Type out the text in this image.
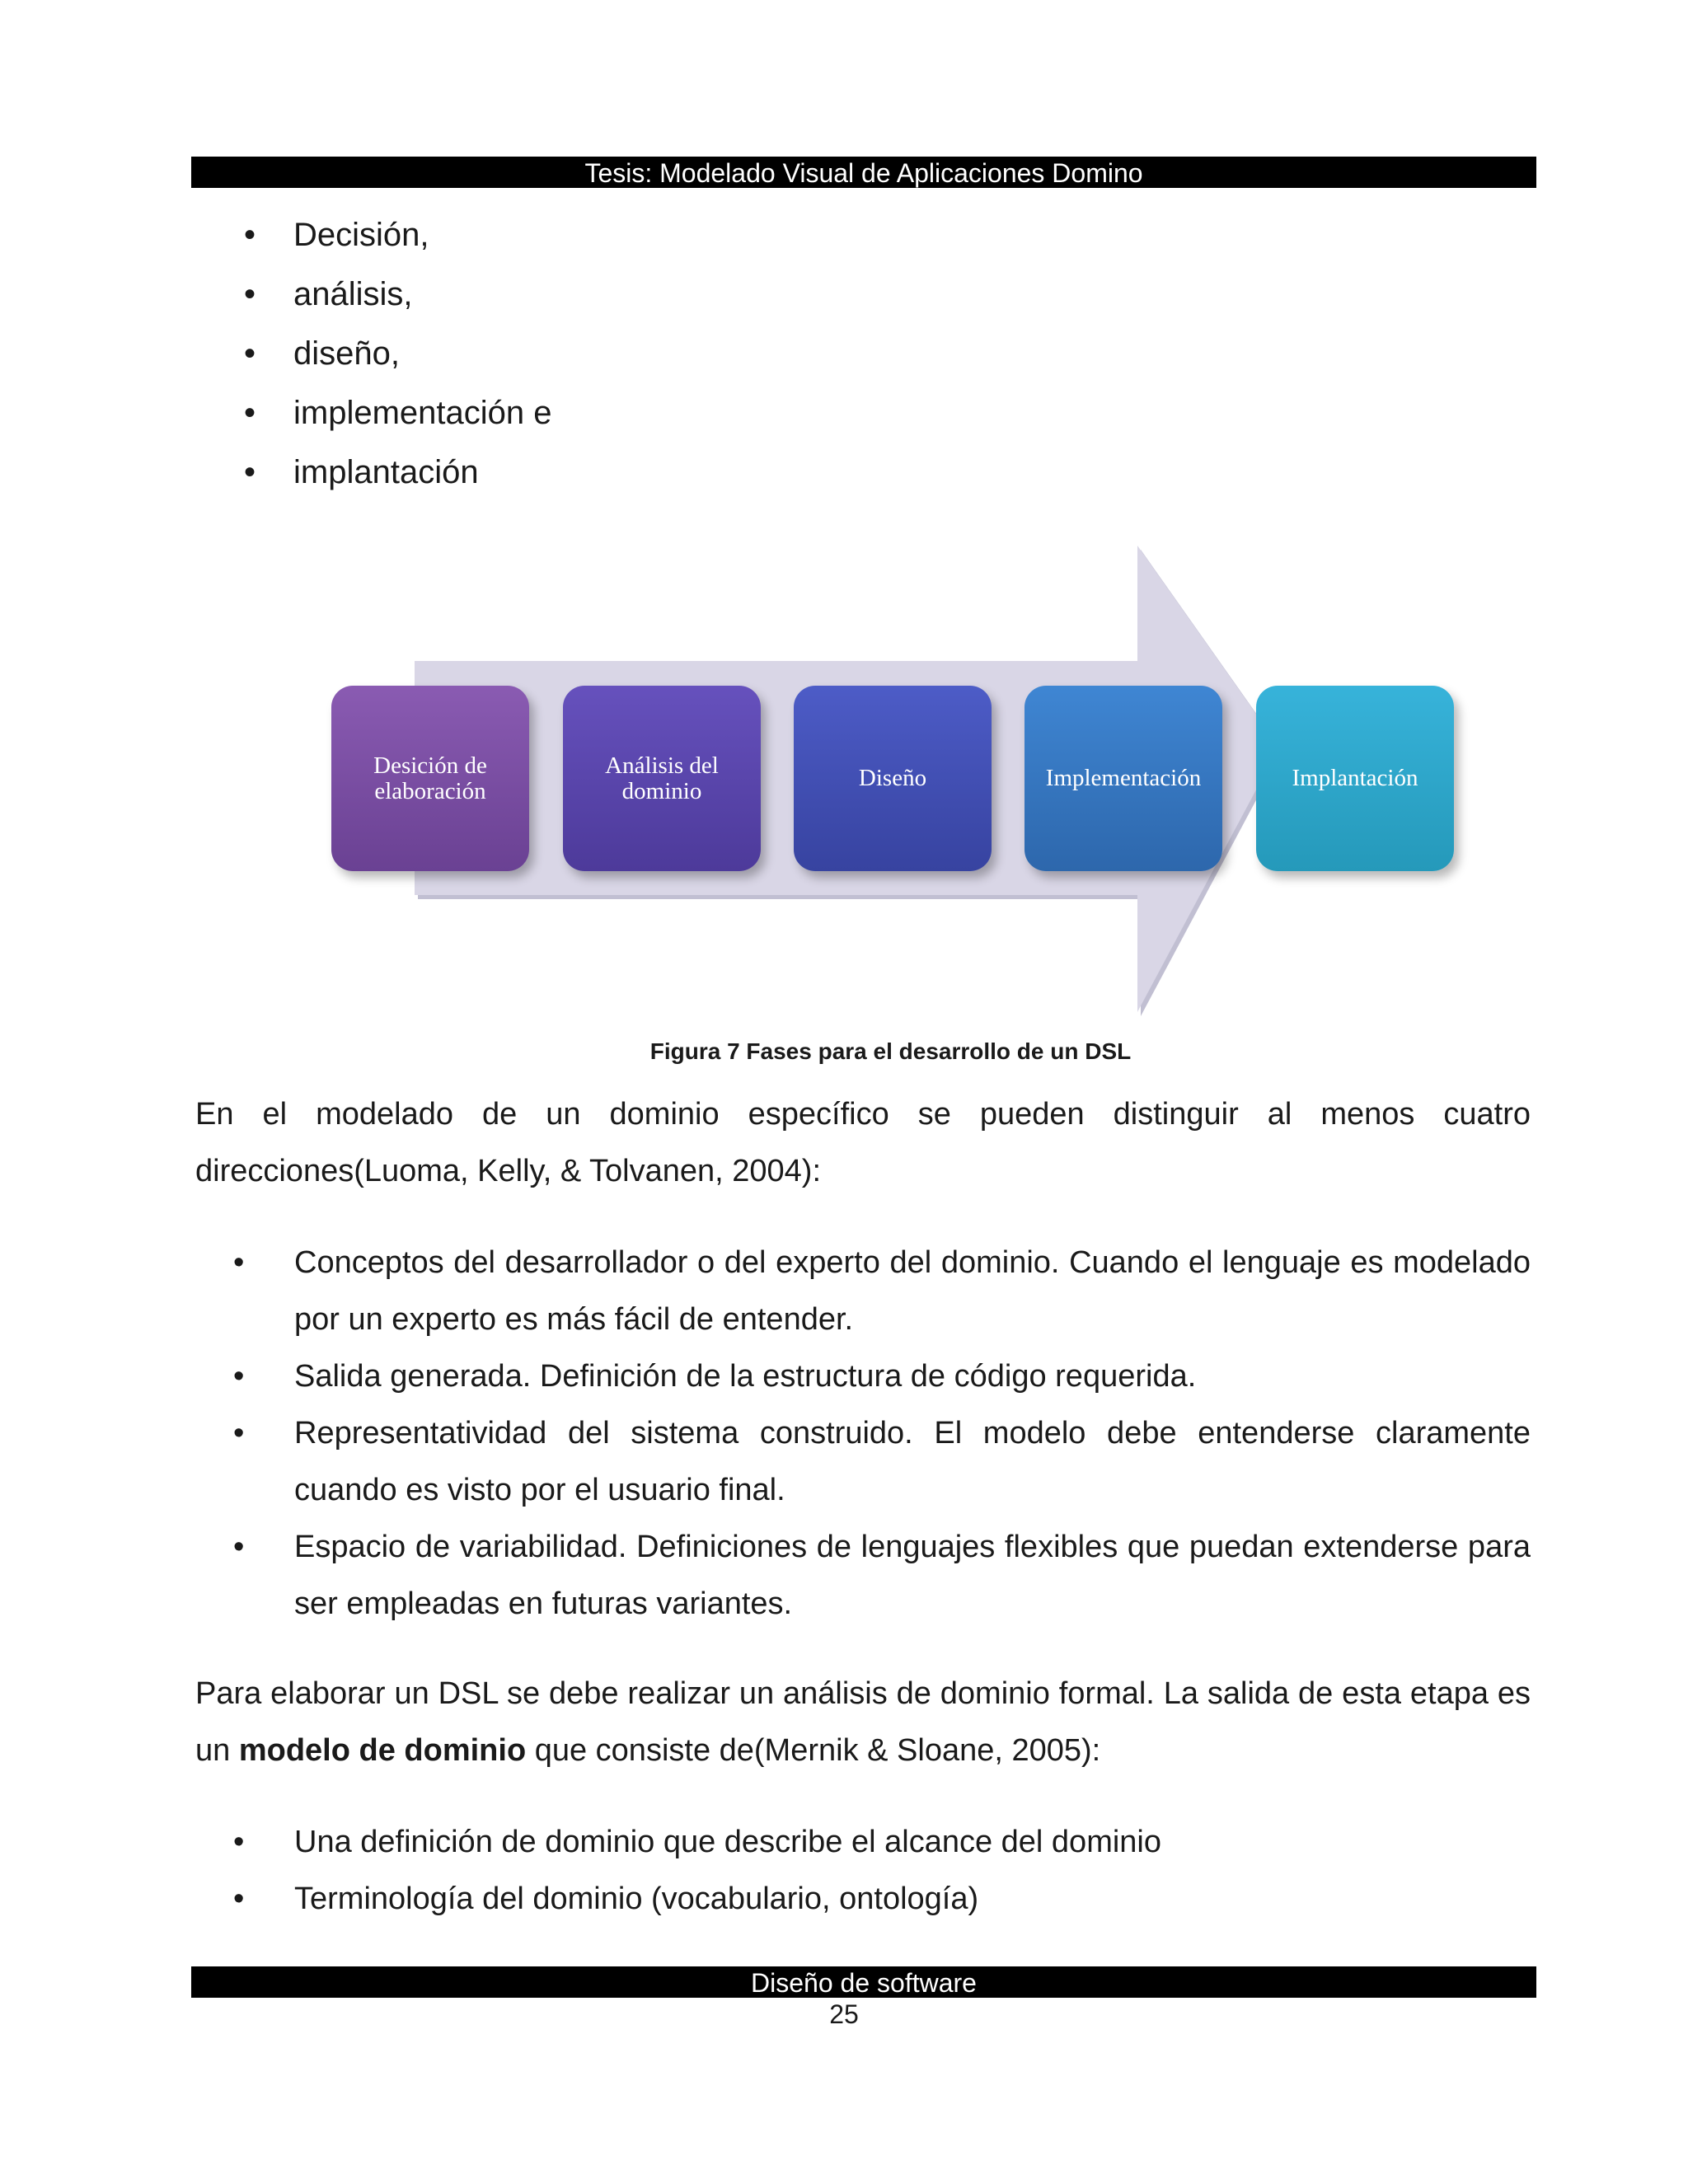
Tesis: Modelado Visual de Aplicaciones Domino
• Decisión,
• análisis,
• diseño,
• implementación e
• implantación
Desición de elaboración
Análisis del dominio	Diseño	Implementación	Implantación
Figura 7 Fases para el desarrollo de un DSL

En el modelado de un dominio específico se pueden distinguir al menos cuatro direcciones(Luoma, Kelly, & Tolvanen, 2004):

• Conceptos del desarrollador o del experto del dominio. Cuando el lenguaje es modelado por un experto es más fácil de entender.
• Salida generada. Definición de la estructura de código requerida.
• Representatividad del sistema construido. El modelo debe entenderse claramente cuando es visto por el usuario final.
• Espacio de variabilidad. Definiciones de lenguajes flexibles que puedan extenderse para ser empleadas en futuras variantes.

Para elaborar un DSL se debe realizar un análisis de dominio formal. La salida de esta etapa es un modelo de dominio que consiste de(Mernik & Sloane, 2005):

• Una definición de dominio que describe el alcance del dominio
• Terminología del dominio (vocabulario, ontología)
Diseño de software
25
